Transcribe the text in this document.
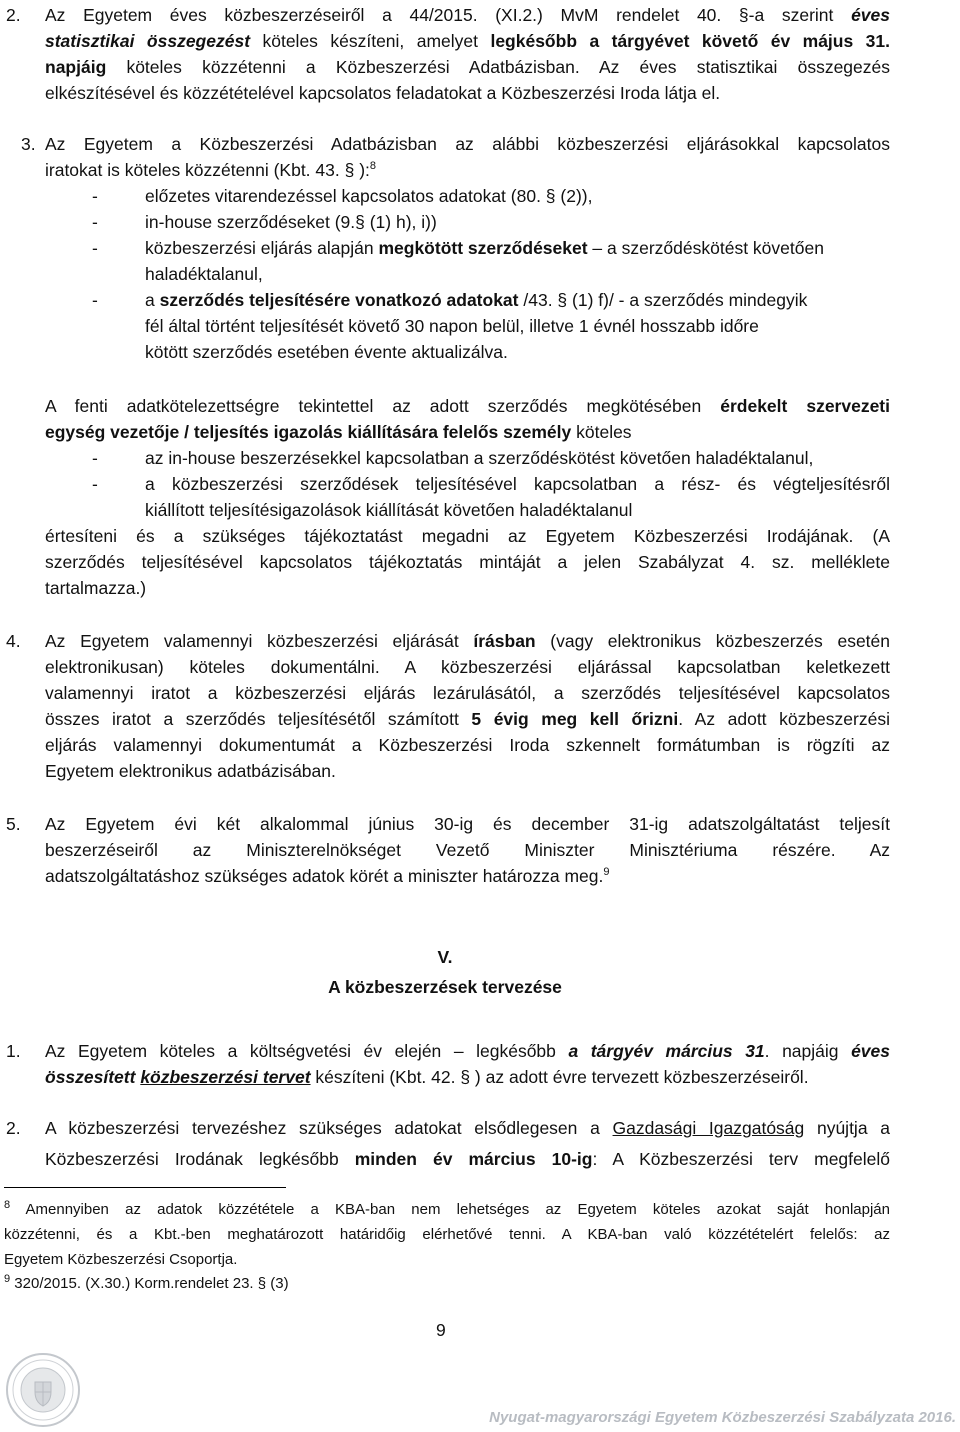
2. Az Egyetem éves közbeszerzéseiről a 44/2015. (XI.2.) MvM rendelet 40. §-a szerint éves
statisztikai összegezést köteles készíteni, amelyet legkésőbb a tárgyévet követő év május 31.
napjáig köteles közzétenni a Közbeszerzési Adatbázisban. Az éves statisztikai összegezés
elkészítésével és közzétételével kapcsolatos feladatokat a Közbeszerzési Iroda látja el.
3. Az Egyetem a Közbeszerzési Adatbázisban az alábbi közbeszerzési eljárásokkal kapcsolatos
iratokat is köteles közzétenni (Kbt. 43. § ):$^8$
-	előzetes vitarendezéssel kapcsolatos adatokat (80. § (2)),
-	in-house szerződéseket (9.§ (1) h), i))
-	közbeszerzési eljárás alapján megkötött szerződéseket – a szerződéskötést követően
haladéktalanul,
-	a szerződés teljesítésére vonatkozó adatokat /43. § (1) f)/ - a szerződés mindegyik
fél által történt teljesítését követő 30 napon belül, illetve 1 évnél hosszabb időre
kötött szerződés esetében évente aktualizálva.
A fenti adatkötelezettségre tekintettel az adott szerződés megkötésében érdekelt szervezeti
egység vezetője / teljesítés igazolás kiállítására felelős személy köteles
-	az in-house beszerzésekkel kapcsolatban a szerződéskötést követően haladéktalanul,
-	a közbeszerzési szerződések teljesítésével kapcsolatban a rész- és végteljesítésről
kiállított teljesítésigazolások kiállítását követően haladéktalanul
értesíteni és a szükséges tájékoztatást megadni az Egyetem Közbeszerzési Irodájának. (A
szerződés teljesítésével kapcsolatos tájékoztatás mintáját a jelen Szabályzat 4. sz. melléklete
tartalmazza.)
4. Az Egyetem valamennyi közbeszerzési eljárását írásban (vagy elektronikus közbeszerzés esetén
elektronikusan) köteles dokumentálni. A közbeszerzési eljárással kapcsolatban keletkezett
valamennyi iratot a közbeszerzési eljárás lezárulásától, a szerződés teljesítésével kapcsolatos
összes iratot a szerződés teljesítésétől számított 5 évig meg kell őrizni. Az adott közbeszerzési
eljárás valamennyi dokumentumát a Közbeszerzési Iroda szkennelt formátumban is rögzíti az
Egyetem elektronikus adatbázisában.
5. Az Egyetem évi két alkalommal június 30-ig és december 31-ig adatszolgáltatást teljesít
beszerzéseiről az Miniszterelnökséget Vezető Miniszter Minisztériuma részére. Az
adatszolgáltatáshoz szükséges adatok körét a miniszter határozza meg.$^9$
V.
A közbeszerzések tervezése
1. Az Egyetem köteles a költségvetési év elején – legkésőbb a tárgyév március 31. napjáig éves
összesített közbeszerzési tervet készíteni (Kbt. 42. § ) az adott évre tervezett közbeszerzéseiről.
2. A közbeszerzési tervezéshez szükséges adatokat elsődlegesen a Gazdasági Igazgatóság nyújtja a
Közbeszerzési Irodának legkésőbb minden év március 10-ig: A Közbeszerzési terv megfelelő
$^8$ Amennyiben az adatok közzététele a KBA-ban nem lehetséges az Egyetem köteles azokat saját honlapján
közzétenni, és a Kbt.-ben meghatározott határidőig elérhetővé tenni. A KBA-ban való közzétételért felelős: az
Egyetem Közbeszerzési Csoportja.
$^9$ 320/2015. (X.30.) Korm.rendelet 23. § (3)
9
Nyugat-magyarországi Egyetem Közbeszerzési Szabályzata 2016.
